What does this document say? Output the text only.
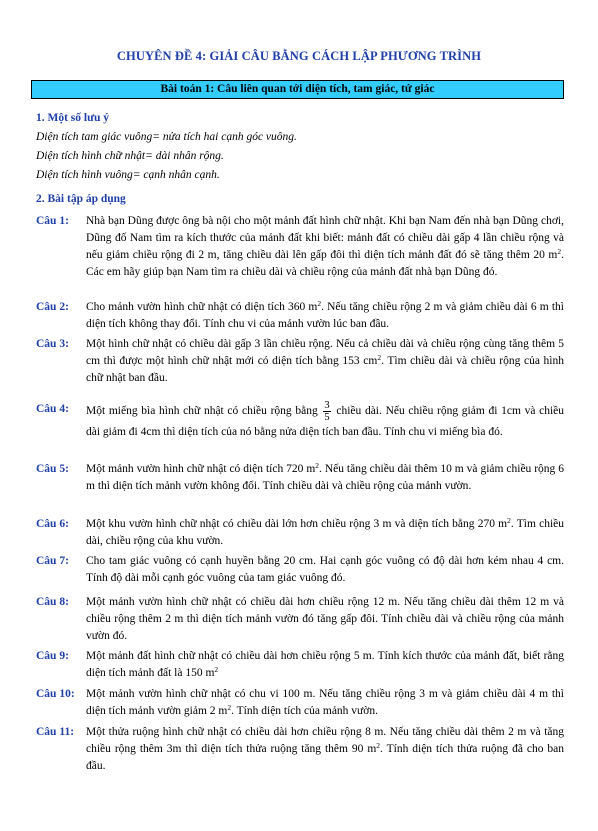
CHUYÊN ĐỀ 4: GIẢI CÂU BẰNG CÁCH LẬP PHƯƠNG TRÌNH
Bài toán 1: Câu liên quan tới diện tích, tam giác, tứ giác
1. Một số lưu ý
Diện tích tam giác vuông= nửa tích hai cạnh góc vuông.
Diện tích hình chữ nhật= dài nhân rộng.
Diện tích hình vuông= cạnh nhân cạnh.
2. Bài tập áp dụng
Câu 1: Nhà bạn Dũng được ông bà nội cho một mảnh đất hình chữ nhật. Khi bạn Nam đến nhà bạn Dũng chơi, Dũng đố Nam tìm ra kích thước của mảnh đất khi biết: mảnh đất có chiều dài gấp 4 lần chiều rộng và nếu giảm chiều rộng đi 2 m, tăng chiều dài lên gấp đôi thì diện tích mảnh đất đó sẽ tăng thêm 20 $m^2$. Các em hãy giúp bạn Nam tìm ra chiều dài và chiều rộng của mảnh đất nhà bạn Dũng đó.
Câu 2: Cho mảnh vườn hình chữ nhật có diện tích 360 $m^2$. Nếu tăng chiều rộng 2 m và giảm chiều dài 6 m thì diện tích không thay đổi. Tính chu vi của mảnh vườn lúc ban đầu.
Câu 3: Một hình chữ nhật có chiều dài gấp 3 lần chiều rộng. Nếu cả chiều dài và chiều rộng cùng tăng thêm 5 cm thì được một hình chữ nhật mới có diện tích bằng 153 $cm^2$. Tìm chiều dài và chiều rộng của hình chữ nhật ban đầu.
Câu 4: Một miếng bìa hình chữ nhật có chiều rộng bằng $\frac{3}{5}$ chiều dài. Nếu chiều rộng giảm đi 1cm và chiều dài giảm đi 4cm thì diện tích của nó bằng nửa diện tích ban đầu. Tính chu vi miếng bìa đó.
Câu 5: Một mảnh vườn hình chữ nhật có diện tích 720 $m^2$. Nếu tăng chiều dài thêm 10 m và giảm chiều rộng 6 m thì diện tích mảnh vườn không đổi. Tính chiều dài và chiều rộng của mảnh vườn.
Câu 6: Một khu vườn hình chữ nhật có chiều dài lớn hơn chiều rộng 3 m và diện tích bằng 270 $m^2$. Tìm chiều dài, chiều rộng của khu vườn.
Câu 7: Cho tam giác vuông có cạnh huyền bằng 20 cm. Hai cạnh góc vuông có độ dài hơn kém nhau 4 cm. Tính độ dài mỗi cạnh góc vuông của tam giác vuông đó.
Câu 8: Một mảnh vườn hình chữ nhật có chiều dài hơn chiều rộng 12 m. Nếu tăng chiều dài thêm 12 m và chiều rộng thêm 2 m thì diện tích mảnh vườn đó tăng gấp đôi. Tính chiều dài và chiều rộng của mảnh vườn đó.
Câu 9: Một mảnh đất hình chữ nhật có chiều dài hơn chiều rộng 5 m. Tính kích thước của mảnh đất, biết rằng diện tích mảnh đất là 150 $m^2$
Câu 10: Một mảnh vườn hình chữ nhật có chu vi 100 m. Nếu tăng chiều rộng 3 m và giảm chiều dài 4 m thì diện tích mảnh vườn giảm 2 $m^2$. Tính diện tích của mảnh vườn.
Câu 11: Một thửa ruộng hình chữ nhật có chiều dài hơn chiều rộng 8 m. Nếu tăng chiều dài thêm 2 m và tăng chiều rộng thêm 3m thì diện tích thửa ruộng tăng thêm 90 $m^2$. Tính diện tích thửa ruộng đã cho ban đầu.
